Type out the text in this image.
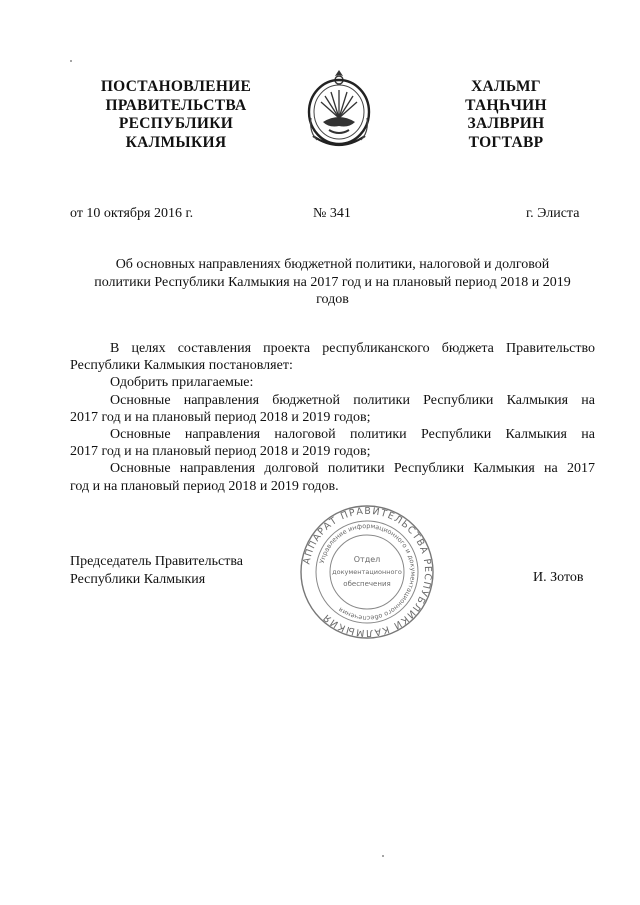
ПОСТАНОВЛЕНИЕ
ПРАВИТЕЛЬСТВА
РЕСПУБЛИКИ
КАЛМЫКИЯ
ХАЛЬМГ
ТАҢҺЧИН
ЗАЛВРИН
ТОГТАВР
от 10 октября 2016 г.	№ 341	г. Элиста
Об основных направлениях бюджетной политики, налоговой и долговой
политики Республики Калмыкия на 2017 год и на плановый период 2018 и 2019
годов

В целях составления проекта республиканского бюджета Правительство

Республики Калмыкия постановляет:

Одобрить прилагаемые:

Основные направления бюджетной политики Республики Калмыкия на

2017 год и на плановый период 2018 и 2019 годов;

Основные направления налоговой политики Республики Калмыкия на

2017 год и на плановый период 2018 и 2019 годов;

Основные направления долговой политики Республики Калмыкия на 2017

год и на плановый период 2018 и 2019 годов.

АППАРАТ ПРАВИТЕЛЬСТВА РЕСПУБЛИКИ КАЛМЫКИЯ
Управление информационного и документационного обеспечения
Отдел
документационного
обеспечения
Председатель Правительства
Республики Калмыкия	И. Зотов
